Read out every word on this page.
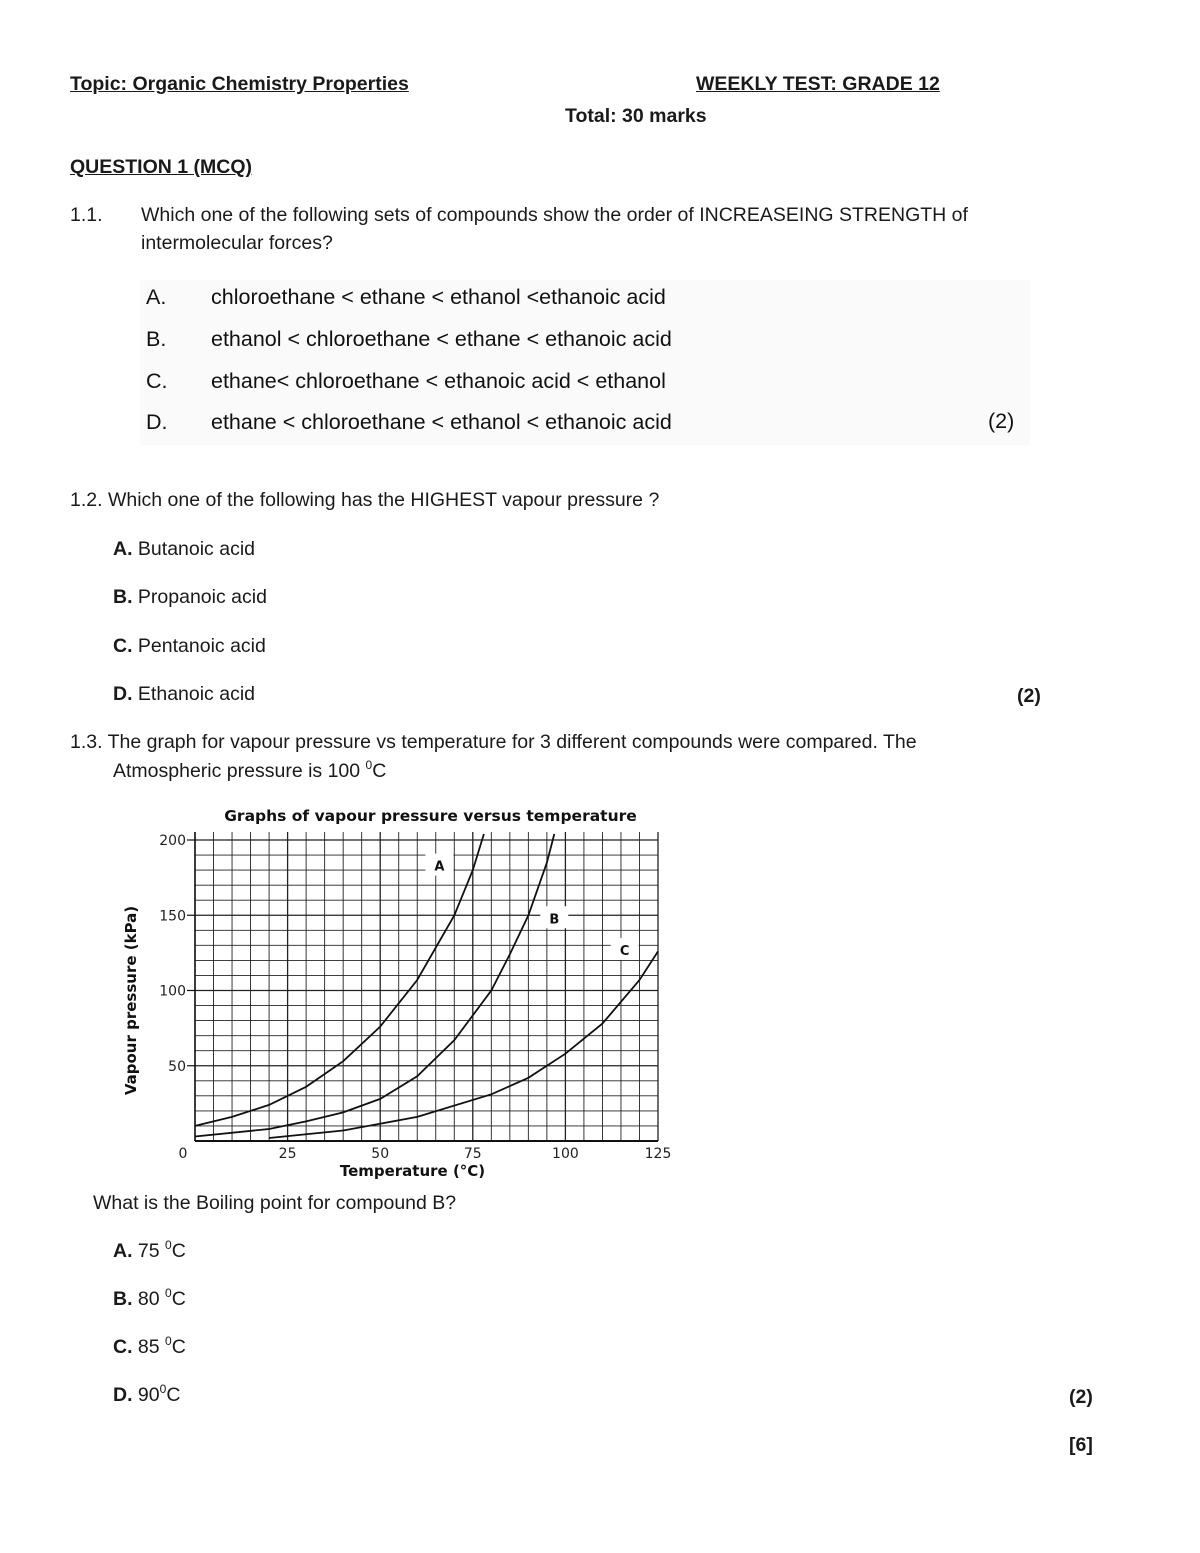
Topic: Organic Chemistry Properties	WEEKLY TEST: GRADE 12
Total: 30 marks
QUESTION 1 (MCQ)
1.1. Which one of the following sets of compounds show the order of INCREASEING STRENGTH of
intermolecular forces?
A. chloroethane < ethane < ethanol <ethanoic acid
B. ethanol < chloroethane < ethane < ethanoic acid
C. ethane< chloroethane < ethanoic acid < ethanol
D. ethane < chloroethane < ethanol < ethanoic acid	(2)
1.2. Which one of the following has the HIGHEST vapour pressure ?
A. Butanoic acid
B. Propanoic acid
C. Pentanoic acid
D. Ethanoic acid	(2)
1.3. The graph for vapour pressure vs temperature for 3 different compounds were compared. The
Atmospheric pressure is 100 $^0$C
A
B
C
Graphs of vapour pressure versus temperature
50
100
150
200
0	25	50	75	100	125
Temperature (°C)
Vapour pressure (kPa)
What is the Boiling point for compound B?
A. 75 $^0$C
B. 80 $^0$C
C. 85 $^0$C
D. $90^0C$	(2)
[6]
